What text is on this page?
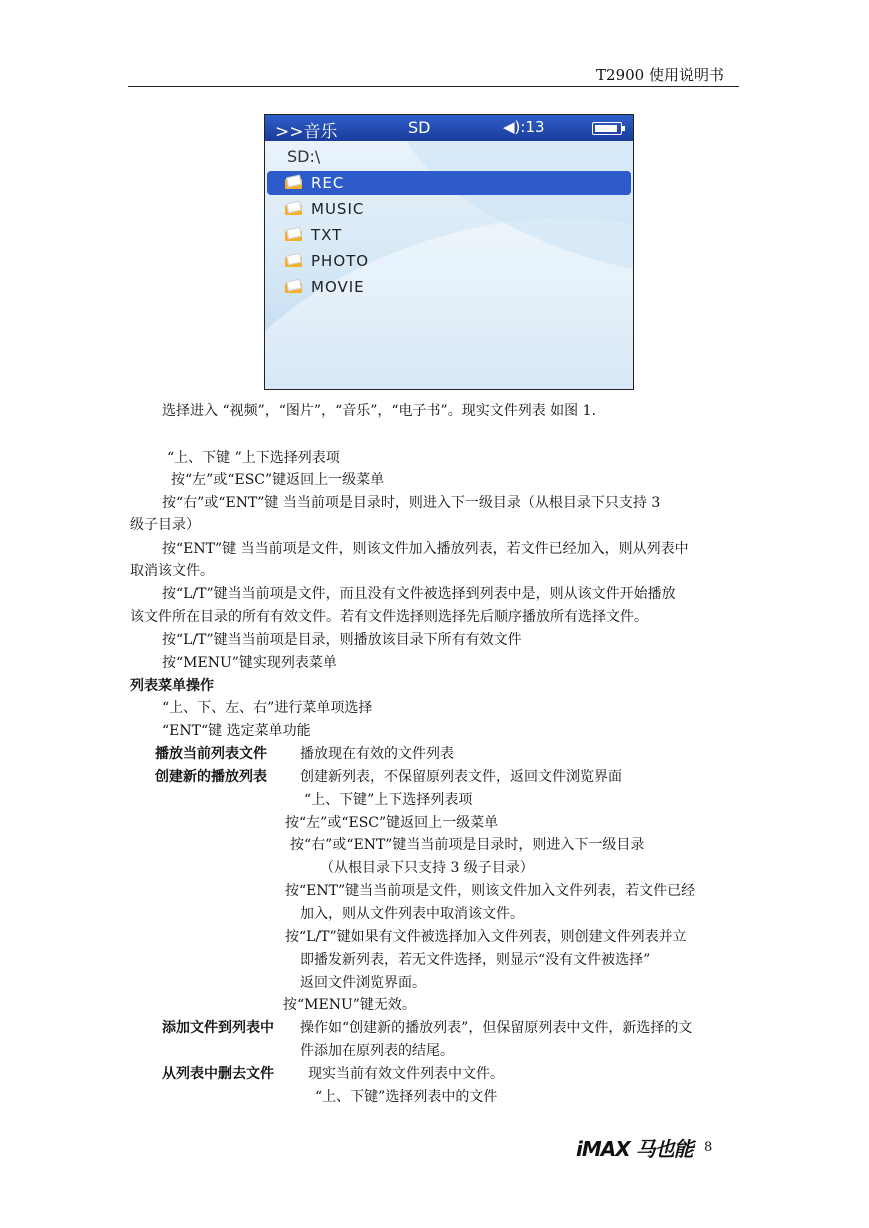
T2900 使用说明书
>>音乐	SD	◀):13
SD:\
REC
MUSIC
TXT
PHOTO
MOVIE
选择进入 “视频”，“图片”，“音乐”，“电子书”。现实文件列表 如图 1.
“上、下键 ”上下选择列表项
按“左”或“ESC”键返回上一级菜单
按“右”或“ENT”键 当当前项是目录时，则进入下一级目录（从根目录下只支持 3
级子目录）
按“ENT”键 当当前项是文件，则该文件加入播放列表，若文件已经加入，则从列表中
取消该文件。
按“L/T”键当当前项是文件，而且没有文件被选择到列表中是，则从该文件开始播放
该文件所在目录的所有有效文件。若有文件选择则选择先后顺序播放所有选择文件。
按“L/T”键当当前项是目录，则播放该目录下所有有效文件
按“MENU”键实现列表菜单
列表菜单操作
“上、下、左、右”进行菜单项选择
“ENT“键 选定菜单功能
播放当前列表文件 播放现在有效的文件列表
创建新的播放列表 创建新列表，不保留原列表文件，返回文件浏览界面
“上、下键”上下选择列表项
按“左”或“ESC”键返回上一级菜单
按“右”或“ENT”键当当前项是目录时，则进入下一级目录
（从根目录下只支持 3 级子目录）
按“ENT”键当当前项是文件，则该文件加入文件列表，若文件已经
加入，则从文件列表中取消该文件。
按“L/T”键如果有文件被选择加入文件列表，则创建文件列表并立
即播发新列表，若无文件选择，则显示“没有文件被选择”
返回文件浏览界面。
按“MENU”键无效。
添加文件到列表中 操作如“创建新的播放列表”，但保留原列表中文件，新选择的文
件添加在原列表的结尾。
从列表中删去文件 现实当前有效文件列表中文件。
“上、下键”选择列表中的文件
iMAX 马也能 8
